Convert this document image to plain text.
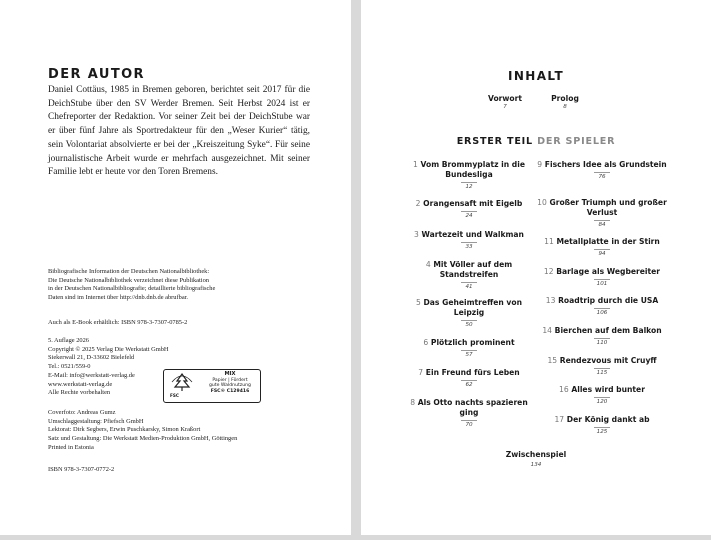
DER AUTOR
Daniel Cottäus, 1985 in Bremen geboren, berichtet seit 2017 für die DeichStube über den SV Werder Bremen. Seit Herbst 2024 ist er Chefreporter der Redaktion. Vor seiner Zeit bei der DeichStube war er über fünf Jahre als Sportredakteur für den „Weser Kurier“ tätig, sein Volontariat absolvierte er bei der „Kreiszeitung Syke“. Für seine journalistische Arbeit wurde er mehrfach ausgezeichnet. Mit seiner Familie lebt er heute vor den Toren Bremens.
Bibliografische Information der Deutschen Nationalbibliothek:
Die Deutsche Nationalbibliothek verzeichnet diese Publikation
in der Deutschen Nationalbibliografie; detaillierte bibliografische
Daten sind im Internet über http://dnb.dnb.de abrufbar.
Auch als E-Book erhältlich: ISBN 978-3-7307-0785-2
5. Auflage 2026
Copyright © 2025 Verlag Die Werkstatt GmbH
Siekerwall 21, D-33602 Bielefeld
Tel.: 0521/559-0
E-Mail: info@werkstatt-verlag.de
www.werkstatt-verlag.de
Alle Rechte vorbehalten	FSC
MIX
Papier | Fördert
gute Waldnutzung
FSC® C129416
Coverfoto: Andreas Gumz
Umschlaggestaltung: Pfiefsch GmbH
Lektorat: Dirk Segbers, Erwin Puschkarsky, Simon Kraßort
Satz und Gestaltung: Die Werkstatt Medien-Produktion GmbH, Göttingen
Printed in Estonia
ISBN 978-3-7307-0772-2
INHALT
Vorwort
7
Prolog
8
ERSTER TEIL DER SPIELER
1 Vom Brommyplatz in die Bundesliga
12
2 Orangensaft mit Eigelb
24
3 Wartezeit und Walkman
33
4 Mit Völler auf dem Standstreifen
41
5 Das Geheimtreffen von Leipzig
50
6 Plötzlich prominent
57
7 Ein Freund fürs Leben
62
8 Als Otto nachts spazieren ging
70
9 Fischers Idee als Grundstein
76
10 Großer Triumph und großer Verlust
84
11 Metallplatte in der Stirn
94
12 Barlage als Wegbereiter
101
13 Roadtrip durch die USA
106
14 Bierchen auf dem Balkon
110
15 Rendezvous mit Cruyff
115
16 Alles wird bunter
120
17 Der König dankt ab
125
Zwischenspiel
134
